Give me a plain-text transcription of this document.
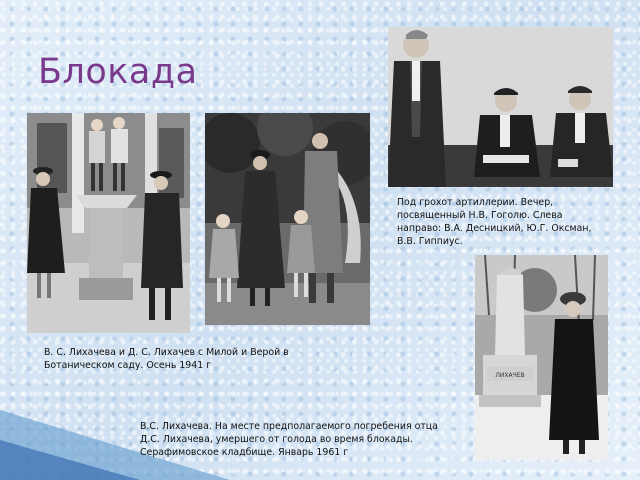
Блокада
ЛИХАЧЕВ
Под грохот артиллерии. Вечер, посвященный Н.В. Гоголю. Слева направо: В.А. Десницкий, Ю.Г. Оксман, В.В. Гиппиус.
В. С. Лихачева и Д. С. Лихачев с Милой и Верой в Ботаническом саду. Осень 1941 г
В.С. Лихачева. На месте предполагаемого погребения отца Д.С. Лихачева, умершего от голода во время блокады. Серафимовское кладбище. Январь 1961 г
